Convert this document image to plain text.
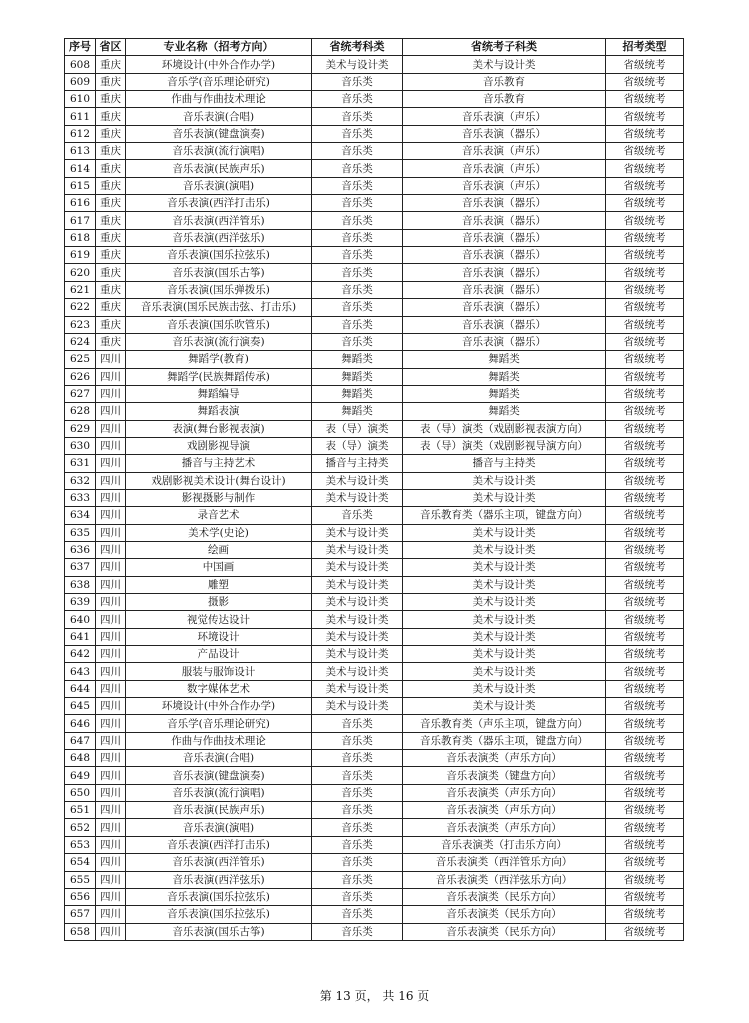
序号	省区	专业名称（招考方向）	省统考科类	省统考子科类	招考类型
608	重庆	环境设计(中外合作办学)	美术与设计类	美术与设计类	省级统考
609	重庆	音乐学(音乐理论研究)	音乐类	音乐教育	省级统考
610	重庆	作曲与作曲技术理论	音乐类	音乐教育	省级统考
611	重庆	音乐表演(合唱)	音乐类	音乐表演（声乐）	省级统考
612	重庆	音乐表演(键盘演奏)	音乐类	音乐表演（器乐）	省级统考
613	重庆	音乐表演(流行演唱)	音乐类	音乐表演（声乐）	省级统考
614	重庆	音乐表演(民族声乐)	音乐类	音乐表演（声乐）	省级统考
615	重庆	音乐表演(演唱)	音乐类	音乐表演（声乐）	省级统考
616	重庆	音乐表演(西洋打击乐)	音乐类	音乐表演（器乐）	省级统考
617	重庆	音乐表演(西洋管乐)	音乐类	音乐表演（器乐）	省级统考
618	重庆	音乐表演(西洋弦乐)	音乐类	音乐表演（器乐）	省级统考
619	重庆	音乐表演(国乐拉弦乐)	音乐类	音乐表演（器乐）	省级统考
620	重庆	音乐表演(国乐古筝)	音乐类	音乐表演（器乐）	省级统考
621	重庆	音乐表演(国乐弹拨乐)	音乐类	音乐表演（器乐）	省级统考
622	重庆	音乐表演(国乐民族击弦、打击乐)	音乐类	音乐表演（器乐）	省级统考
623	重庆	音乐表演(国乐吹管乐)	音乐类	音乐表演（器乐）	省级统考
624	重庆	音乐表演(流行演奏)	音乐类	音乐表演（器乐）	省级统考
625	四川	舞蹈学(教育)	舞蹈类	舞蹈类	省级统考
626	四川	舞蹈学(民族舞蹈传承)	舞蹈类	舞蹈类	省级统考
627	四川	舞蹈编导	舞蹈类	舞蹈类	省级统考
628	四川	舞蹈表演	舞蹈类	舞蹈类	省级统考
629	四川	表演(舞台影视表演)	表（导）演类	表（导）演类（戏剧影视表演方向）	省级统考
630	四川	戏剧影视导演	表（导）演类	表（导）演类（戏剧影视导演方向）	省级统考
631	四川	播音与主持艺术	播音与主持类	播音与主持类	省级统考
632	四川	戏剧影视美术设计(舞台设计)	美术与设计类	美术与设计类	省级统考
633	四川	影视摄影与制作	美术与设计类	美术与设计类	省级统考
634	四川	录音艺术	音乐类	音乐教育类（器乐主项，键盘方向）	省级统考
635	四川	美术学(史论)	美术与设计类	美术与设计类	省级统考
636	四川	绘画	美术与设计类	美术与设计类	省级统考
637	四川	中国画	美术与设计类	美术与设计类	省级统考
638	四川	雕塑	美术与设计类	美术与设计类	省级统考
639	四川	摄影	美术与设计类	美术与设计类	省级统考
640	四川	视觉传达设计	美术与设计类	美术与设计类	省级统考
641	四川	环境设计	美术与设计类	美术与设计类	省级统考
642	四川	产品设计	美术与设计类	美术与设计类	省级统考
643	四川	服装与服饰设计	美术与设计类	美术与设计类	省级统考
644	四川	数字媒体艺术	美术与设计类	美术与设计类	省级统考
645	四川	环境设计(中外合作办学)	美术与设计类	美术与设计类	省级统考
646	四川	音乐学(音乐理论研究)	音乐类	音乐教育类（声乐主项，键盘方向）	省级统考
647	四川	作曲与作曲技术理论	音乐类	音乐教育类（器乐主项，键盘方向）	省级统考
648	四川	音乐表演(合唱)	音乐类	音乐表演类（声乐方向）	省级统考
649	四川	音乐表演(键盘演奏)	音乐类	音乐表演类（键盘方向）	省级统考
650	四川	音乐表演(流行演唱)	音乐类	音乐表演类（声乐方向）	省级统考
651	四川	音乐表演(民族声乐)	音乐类	音乐表演类（声乐方向）	省级统考
652	四川	音乐表演(演唱)	音乐类	音乐表演类（声乐方向）	省级统考
653	四川	音乐表演(西洋打击乐)	音乐类	音乐表演类（打击乐方向）	省级统考
654	四川	音乐表演(西洋管乐)	音乐类	音乐表演类（西洋管乐方向）	省级统考
655	四川	音乐表演(西洋弦乐)	音乐类	音乐表演类（西洋弦乐方向）	省级统考
656	四川	音乐表演(国乐拉弦乐)	音乐类	音乐表演类（民乐方向）	省级统考
657	四川	音乐表演(国乐拉弦乐)	音乐类	音乐表演类（民乐方向）	省级统考
658	四川	音乐表演(国乐古筝)	音乐类	音乐表演类（民乐方向）	省级统考
第 13 页， 共 16 页
